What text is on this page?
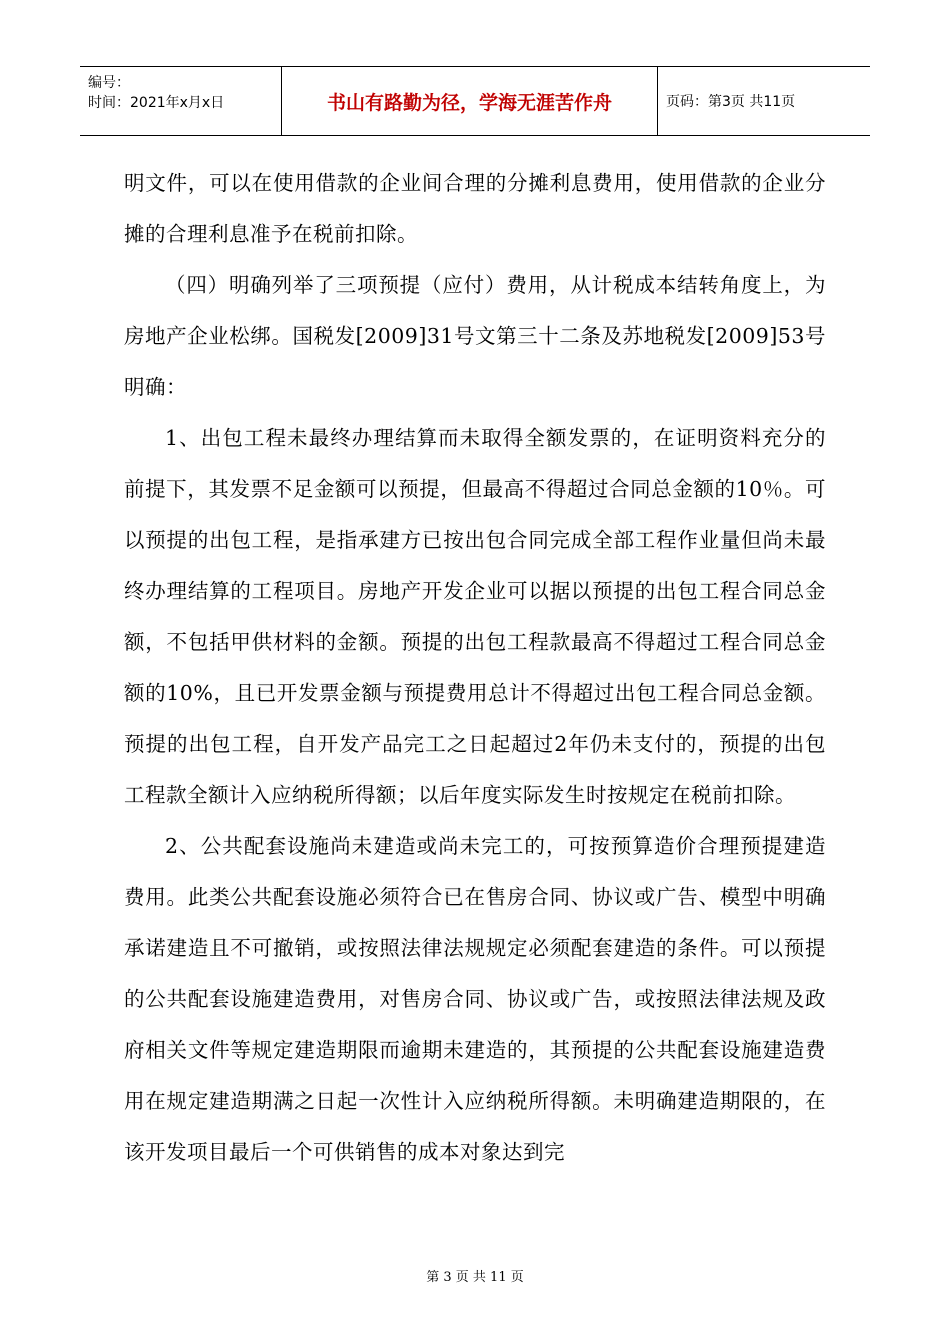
编号：
时间：2021年x月x日	书山有路勤为径，学海无涯苦作舟	页码：第3页 共11页

明文件，可以在使用借款的企业间合理的分摊利息费用，使用借款的企业分摊的合理利息准予在税前扣除。

（四）明确列举了三项预提（应付）费用，从计税成本结转角度上，为房地产企业松绑。国税发[2009]31号文第三十二条及苏地税发[2009]53号明确：

1、出包工程未最终办理结算而未取得全额发票的，在证明资料充分的前提下，其发票不足金额可以预提，但最高不得超过合同总金额的10％。可以预提的出包工程，是指承建方已按出包合同完成全部工程作业量但尚未最终办理结算的工程项目。房地产开发企业可以据以预提的出包工程合同总金额，不包括甲供材料的金额。预提的出包工程款最高不得超过工程合同总金额的10%，且已开发票金额与预提费用总计不得超过出包工程合同总金额。预提的出包工程，自开发产品完工之日起超过2年仍未支付的，预提的出包工程款全额计入应纳税所得额；以后年度实际发生时按规定在税前扣除。

2、公共配套设施尚未建造或尚未完工的，可按预算造价合理预提建造费用。此类公共配套设施必须符合已在售房合同、协议或广告、模型中明确承诺建造且不可撤销，或按照法律法规规定必须配套建造的条件。可以预提的公共配套设施建造费用，对售房合同、协议或广告，或按照法律法规及政府相关文件等规定建造期限而逾期未建造的，其预提的公共配套设施建造费用在规定建造期满之日起一次性计入应纳税所得额。未明确建造期限的，在该开发项目最后一个可供销售的成本对象达到完

第 3 页 共 11 页
